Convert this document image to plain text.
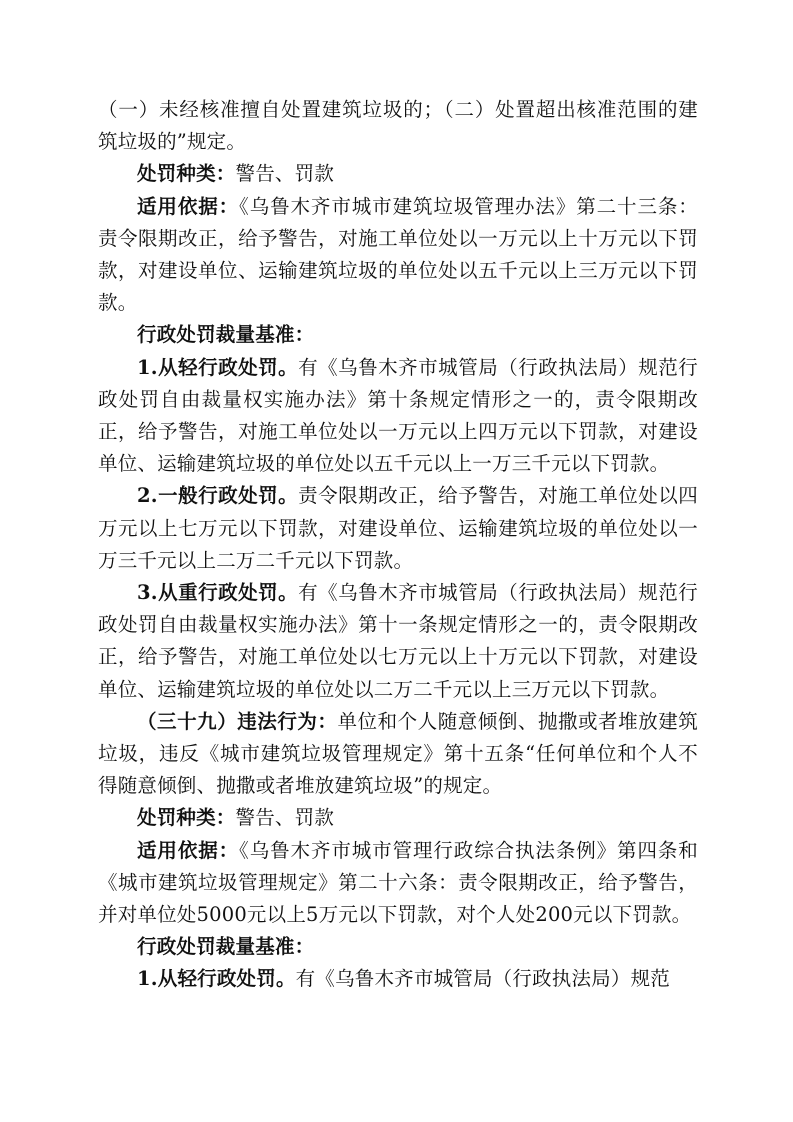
（一）未经核准擅自处置建筑垃圾的；（二）处置超出核准范围的建筑垃圾的”规定。

处罚种类：警告、罚款

适用依据：《乌鲁木齐市城市建筑垃圾管理办法》第二十三条：责令限期改正，给予警告，对施工单位处以一万元以上十万元以下罚款，对建设单位、运输建筑垃圾的单位处以五千元以上三万元以下罚款。

行政处罚裁量基准：

1.从轻行政处罚。有《乌鲁木齐市城管局（行政执法局）规范行政处罚自由裁量权实施办法》第十条规定情形之一的，责令限期改正，给予警告，对施工单位处以一万元以上四万元以下罚款，对建设单位、运输建筑垃圾的单位处以五千元以上一万三千元以下罚款。

2.一般行政处罚。责令限期改正，给予警告，对施工单位处以四万元以上七万元以下罚款，对建设单位、运输建筑垃圾的单位处以一万三千元以上二万二千元以下罚款。

3.从重行政处罚。有《乌鲁木齐市城管局（行政执法局）规范行政处罚自由裁量权实施办法》第十一条规定情形之一的，责令限期改正，给予警告，对施工单位处以七万元以上十万元以下罚款，对建设单位、运输建筑垃圾的单位处以二万二千元以上三万元以下罚款。

（三十九）违法行为：单位和个人随意倾倒、抛撒或者堆放建筑垃圾，违反《城市建筑垃圾管理规定》第十五条“任何单位和个人不得随意倾倒、抛撒或者堆放建筑垃圾”的规定。

处罚种类：警告、罚款

适用依据：《乌鲁木齐市城市管理行政综合执法条例》第四条和《城市建筑垃圾管理规定》第二十六条：责令限期改正，给予警告，并对单位处5000元以上5万元以下罚款，对个人处200元以下罚款。

行政处罚裁量基准：

1.从轻行政处罚。有《乌鲁木齐市城管局（行政执法局）规范
